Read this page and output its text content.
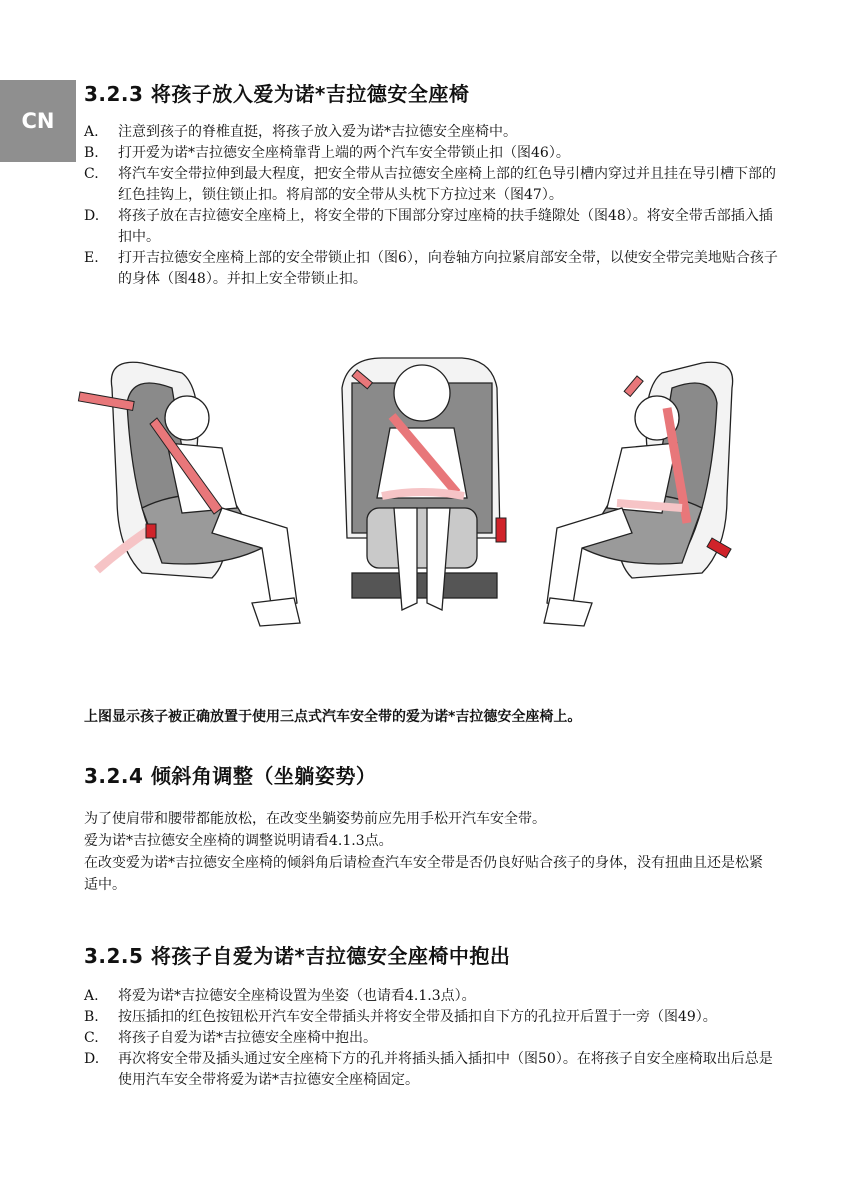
CN
3.2.3 将孩子放入爱为诺*吉拉德安全座椅
A.	注意到孩子的脊椎直挺，将孩子放入爱为诺*吉拉德安全座椅中。
B.	打开爱为诺*吉拉德安全座椅靠背上端的两个汽车安全带锁止扣（图46）。
C.	将汽车安全带拉伸到最大程度，把安全带从吉拉德安全座椅上部的红色导引槽内穿过并且挂在导引槽下部的红色挂钩上，锁住锁止扣。将肩部的安全带从头枕下方拉过来（图47）。
D.	将孩子放在吉拉德安全座椅上，将安全带的下围部分穿过座椅的扶手缝隙处（图48）。将安全带舌部插入插扣中。
E.	打开吉拉德安全座椅上部的安全带锁止扣（图6），向卷轴方向拉紧肩部安全带，以使安全带完美地贴合孩子的身体（图48）。并扣上安全带锁止扣。
上图显示孩子被正确放置于使用三点式汽车安全带的爱为诺*吉拉德安全座椅上。
3.2.4 倾斜角调整（坐躺姿势）

为了使肩带和腰带都能放松，在改变坐躺姿势前应先用手松开汽车安全带。

爱为诺*吉拉德安全座椅的调整说明请看4.1.3点。

在改变爱为诺*吉拉德安全座椅的倾斜角后请检查汽车安全带是否仍良好贴合孩子的身体，没有扭曲且还是松紧适中。

3.2.5 将孩子自爱为诺*吉拉德安全座椅中抱出
A.	将爱为诺*吉拉德安全座椅设置为坐姿（也请看4.1.3点）。
B.	按压插扣的红色按钮松开汽车安全带插头并将安全带及插扣自下方的孔拉开后置于一旁（图49）。
C.	将孩子自爱为诺*吉拉德安全座椅中抱出。
D.	再次将安全带及插头通过安全座椅下方的孔并将插头插入插扣中（图50）。在将孩子自安全座椅取出后总是使用汽车安全带将爱为诺*吉拉德安全座椅固定。
